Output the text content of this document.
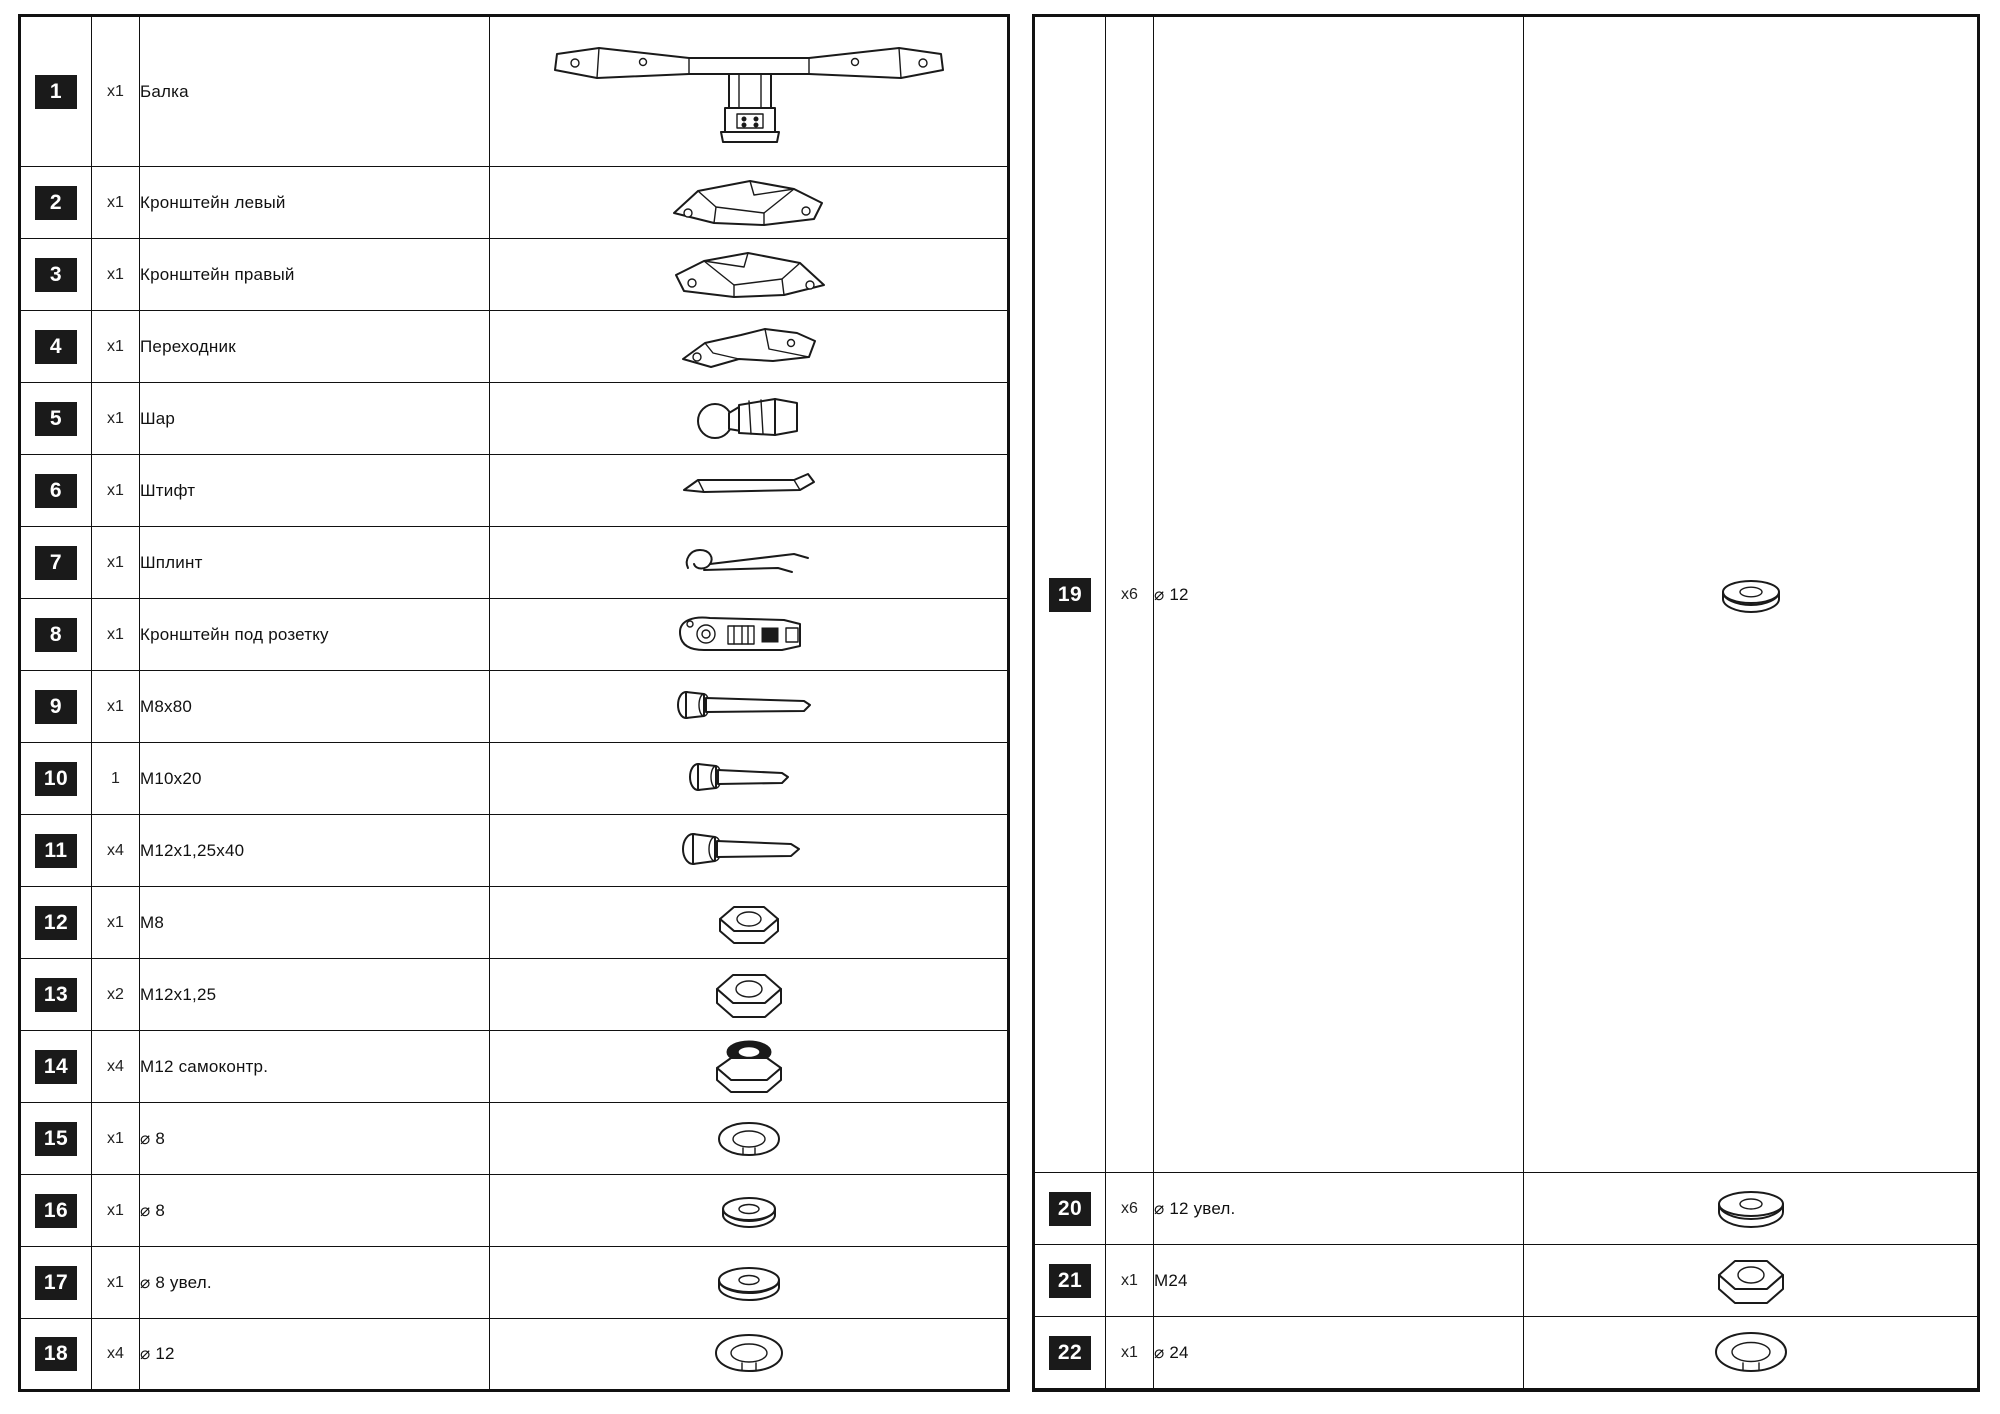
1	x1	Балка	

2	x1	Кронштейн левый	

3	x1	Кронштейн правый	

4	x1	Переходник	

5	x1	Шар	

6	x1	Штифт	

7	x1	Шплинт	

8	x1	Кронштейн под розетку	

9	x1	M8x80	

10	1	M10x20	

11	x4	M12x1,25x40	

12	x1	M8	

13	x2	M12x1,25	

14	x4	M12 самоконтр.	

15	x1	⌀ 8	

16	x1	⌀ 8	

17	x1	⌀ 8 увел.	

18	x4	⌀ 12	
19	x6	⌀ 12	

20	x6	⌀ 12 увел.	

21	x1	M24	

22	x1	⌀ 24	
